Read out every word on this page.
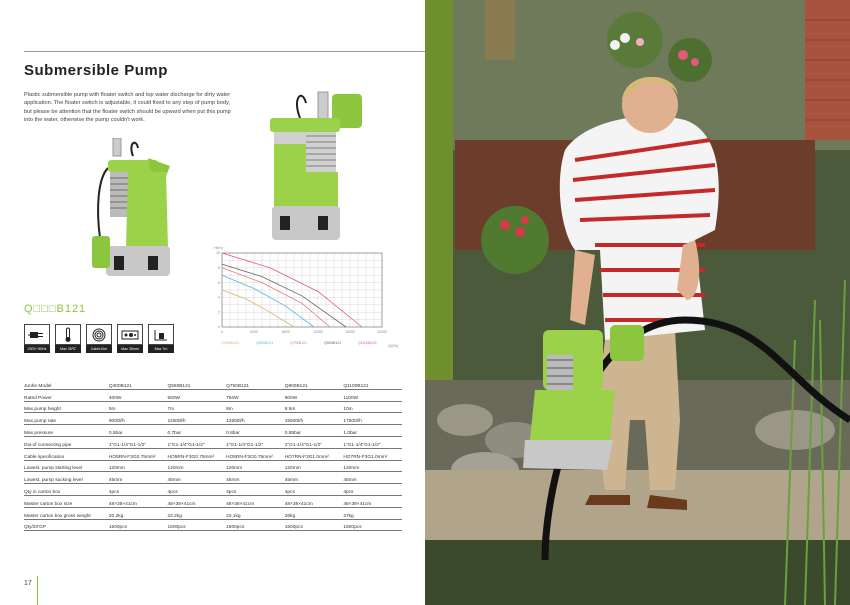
Submersible Pump
Plastic submersible pump with floater switch and top water discharge for dirty water application. The floater switch is adjustable, it could fixed to any step of pump body, but please be attention that the floater switch should be upward when put this pump into the water, otherwise the pump couldn't work.
Q□□□B121
230V~50Hz	Max 35℃	Cable10m	Max 35mm	Max 7m
H(m)
Q(l/h)
0	4000	8000	12000	16000	20000
0
2
4
6
8
10
Q400B121	Q550B121	Q750B121	Q900B121	Q1100B121
Junhe Model	Q400B121	Q550B121	Q750B121	Q900B121	Q1100B121
Rated Power	400W	550W	750W	900W	1100W
Max.pump height	5m	7m	8m	8.5m	10m
Max.pump rate	9000l/h	11500l/h	13500l/h	15500l/h	17500l/h
Max.pressure	0.5bar	0.7bar	0.8bar	0.85bar	1.0bar
Dia.of connecting pipe	1"G1-1/4"G1-1/2"	1"G1-1/4"G1-1/2"	1"G1-1/4"G1-1/2"	1"G1-1/4"G1-1/2"	1"G1-1/4"G1-1/2"
Cable specification	HO5RN-F3G0.75mm²	HO5RN-F3G0.75mm²	HO5RN-F3G0.75mm²	HO7RN-F3G1.0mm²	HO7RN-F3G1.0mm²
Lowest. pump starting level	120mm	120mm	120mm	120mm	120mm
Lowest. pump sucking level	45mm	45mm	45mm	45mm	45mm
Qty in carton box	4pcs	4pcs	4pcs	4pcs	4pcs
Master carton box size	48×38×41cm	48×38×41cm	48×38×41cm	48×38×41cm	48×38×41cm
Master carton box gross weight	20.2kg	22.2kg	23.1kg	26kg	27kg
Qty/20'GP	1500pcs	1500pcs	1500pcs	1500pcs	1500pcs
17
